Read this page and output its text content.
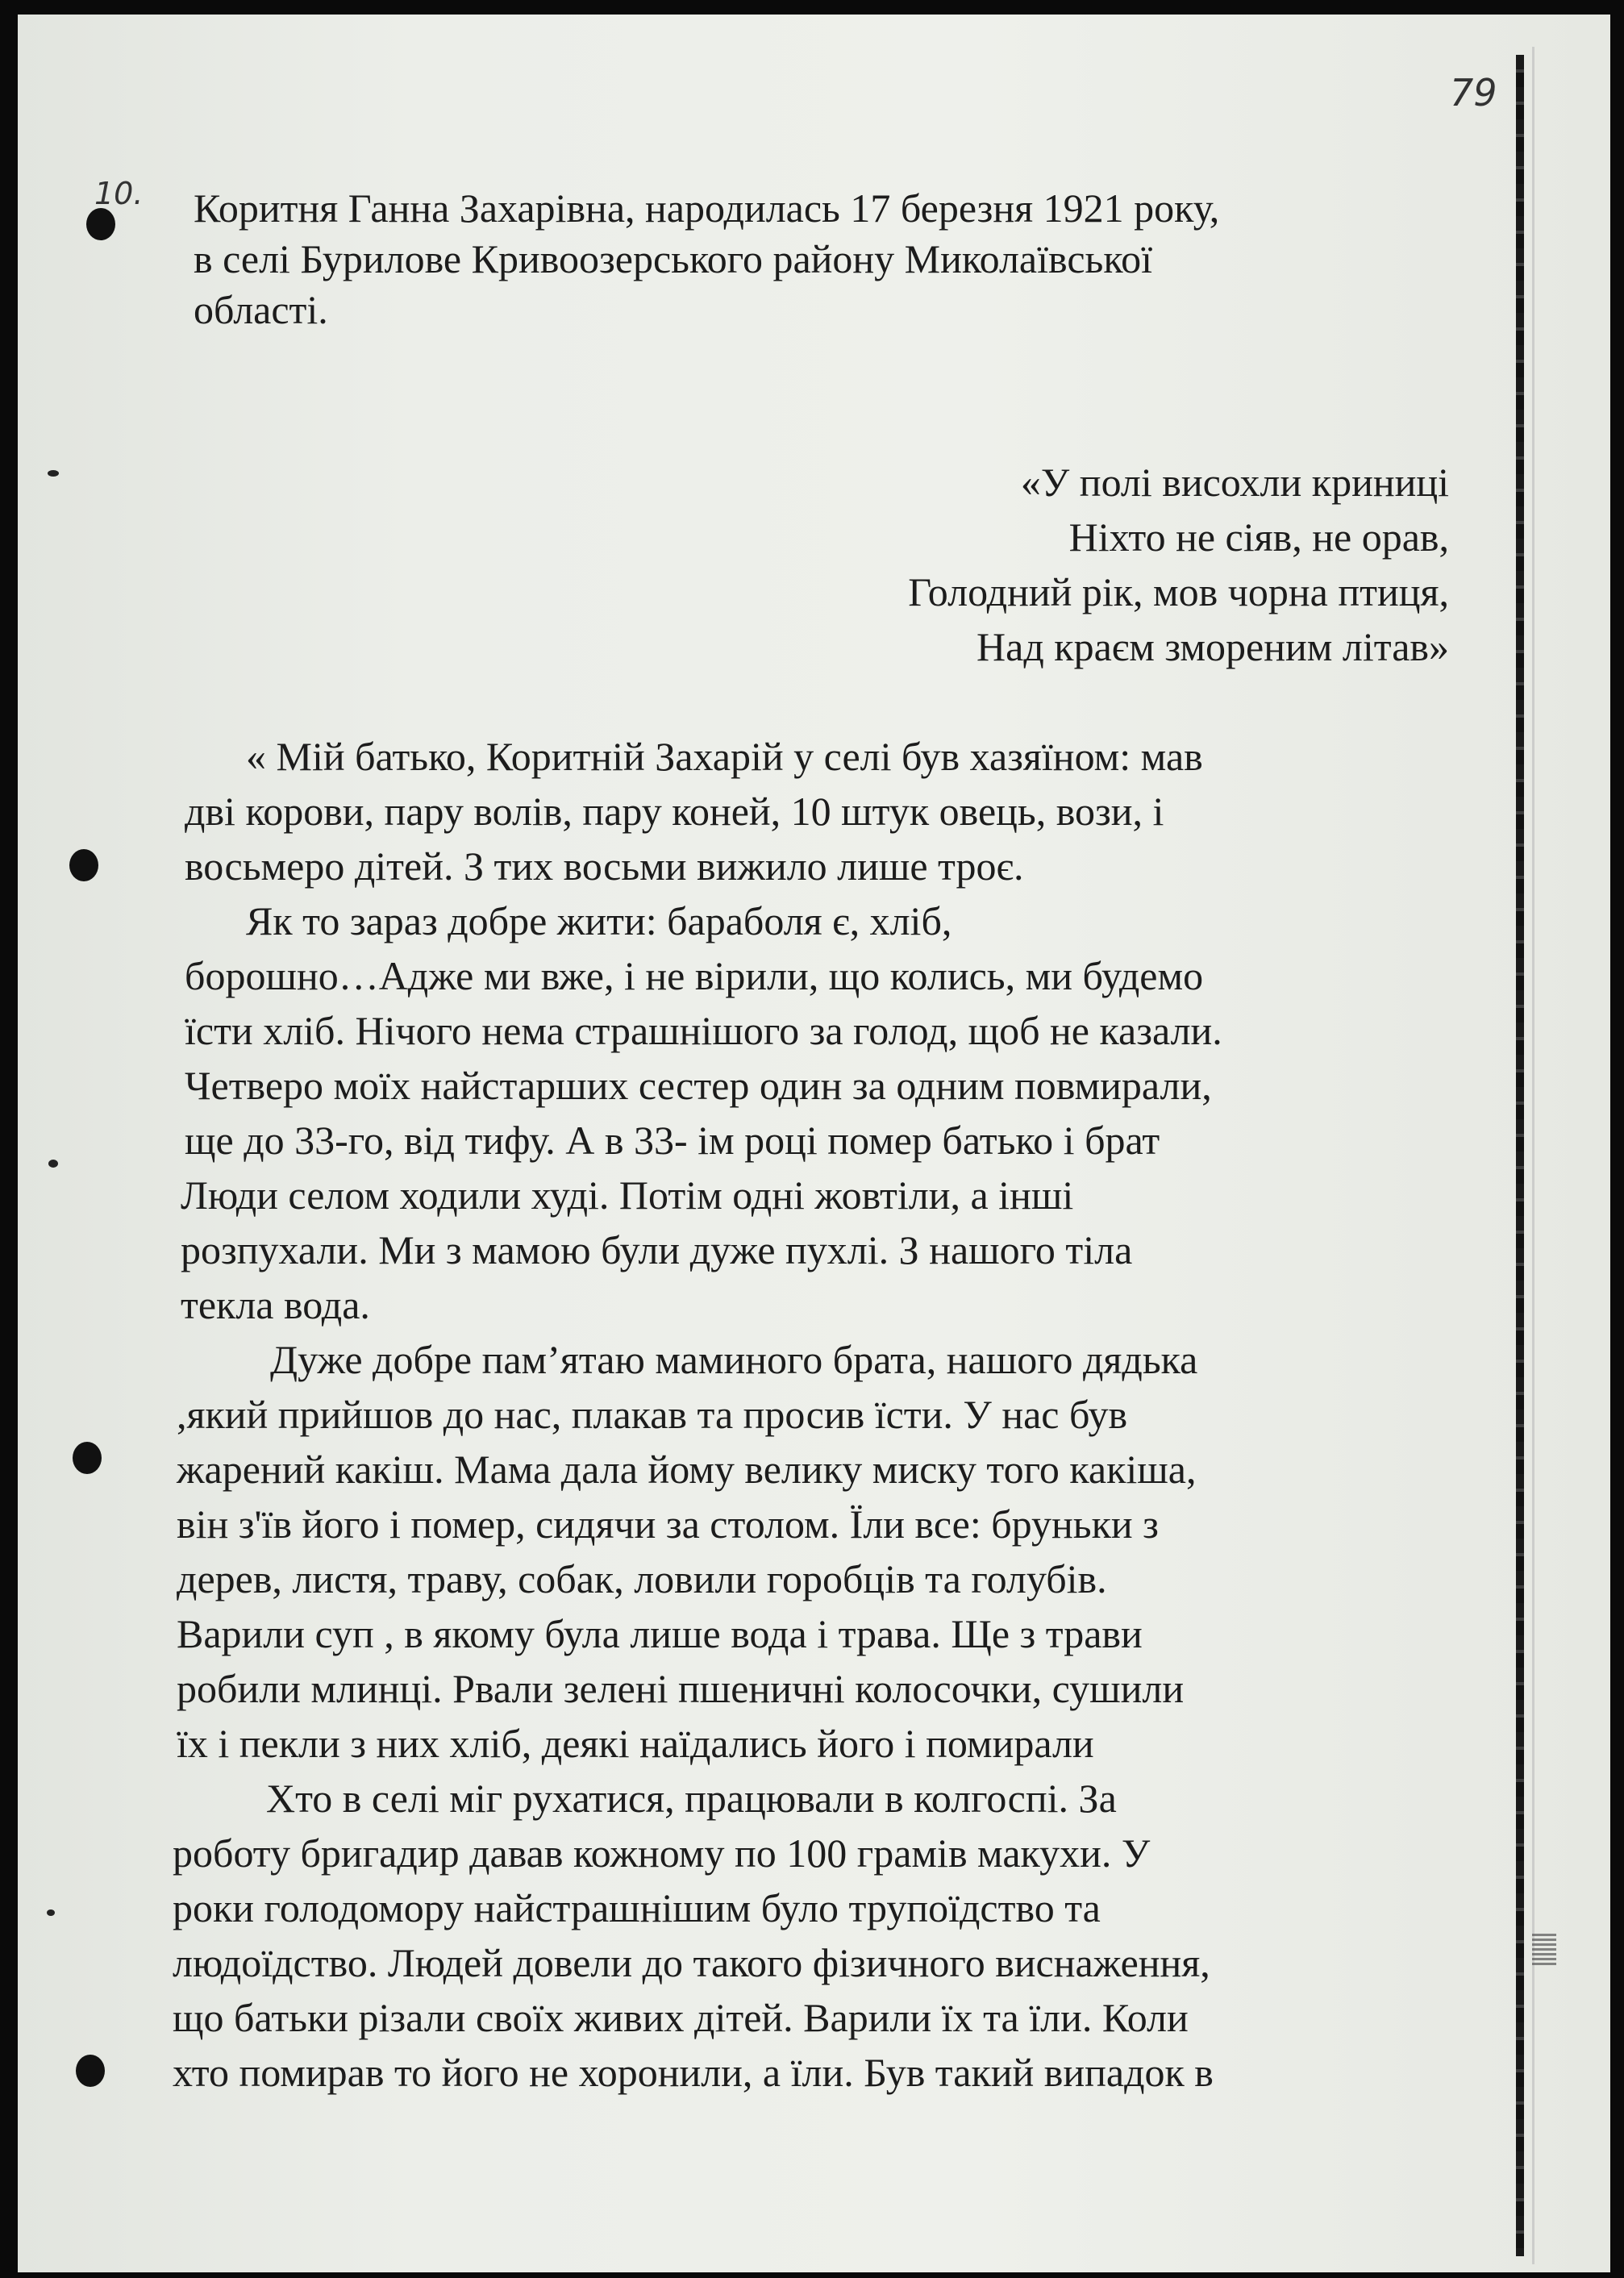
79
10. Коритня Ганна Захарівна, народилась 17 березня 1921 року,
в селі Бурилове Кривоозерського району Миколаївської
області.
«У полі висохли криниці
Ніхто не сіяв, не орав,
Голодний рік, мов чорна птиця,
Над краєм змореним літав»
« Мій батько, Коритній Захарій у селі був хазяїном: мав
дві корови, пару волів, пару коней, 10 штук овець, вози, і
восьмеро дітей. З тих восьми вижило лише троє.
Як то зараз добре жити: бараболя є, хліб,
борошно…Адже ми вже, і не вірили, що колись, ми будемо
їсти хліб. Нічого нема страшнішого за голод, щоб не казали.
Четверо моїх найстарших сестер один за одним повмирали,
ще до 33-го, від тифу. А в 33- ім році помер батько і брат
Люди селом ходили худі. Потім одні жовтіли, а інші
розпухали. Ми з мамою були дуже пухлі. З нашого тіла
текла вода.
Дуже добре пам’ятаю маминого брата, нашого дядька
,який прийшов до нас, плакав та просив їсти. У нас був
жарений какіш. Мама дала йому велику миску того какіша,
він з'їв його і помер, сидячи за столом. Їли все: бруньки з
дерев, листя, траву, собак, ловили горобців та голубів.
Варили суп , в якому була лише вода і трава. Ще з трави
робили млинці. Рвали зелені пшеничні колосочки, сушили
їх і пекли з них хліб, деякі наїдались його і помирали
Хто в селі міг рухатися, працювали в колгоспі. За
роботу бригадир давав кожному по 100 грамів макухи. У
роки голодомору найстрашнішим було трупоїдство та
людоїдство. Людей довели до такого фізичного виснаження,
що батьки різали своїх живих дітей. Варили їх та їли. Коли
хто помирав то його не хоронили, а їли. Був такий випадок в
